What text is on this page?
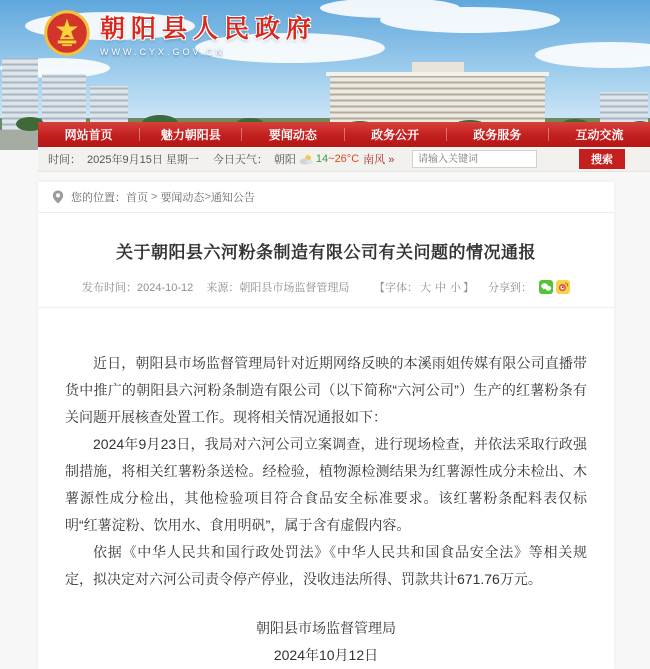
朝阳县人民政府
WWW.CYX.GOV.CN
网站首页	魅力朝阳县	要闻动态	政务公开	政务服务	互动交流
时间： 2025年9月15日 星期一 今日天气： 朝阳 14 ~26°C 南风 »
请输入关键词	搜索
您的位置： 首页 > 要闻动态 > 通知公告
关于朝阳县六河粉条制造有限公司有关问题的情况通报
发布时间：2024-10-12 来源：朝阳县市场监督管理局	【字体： 大 中 小 】 分享到：

近日，朝阳县市场监督管理局针对近期网络反映的本溪雨姐传媒有限公司直播带货中推广的朝阳县六河粉条制造有限公司（以下简称“六河公司”）生产的红薯粉条有关问题开展核查处置工作。现将相关情况通报如下：

2024年9月23日，我局对六河公司立案调查，进行现场检查，并依法采取行政强制措施，将相关红薯粉条送检。经检验，植物源检测结果为红薯源性成分未检出、木薯源性成分检出，其他检验项目符合食品安全标准要求。该红薯粉条配料表仅标明“红薯淀粉、饮用水、食用明矾”，属于含有虚假内容。

依据《中华人民共和国行政处罚法》《中华人民共和国食品安全法》等相关规定，拟决定对六河公司责令停产停业，没收违法所得、罚款共计671.76万元。

朝阳县市场监督管理局
2024年10月12日
